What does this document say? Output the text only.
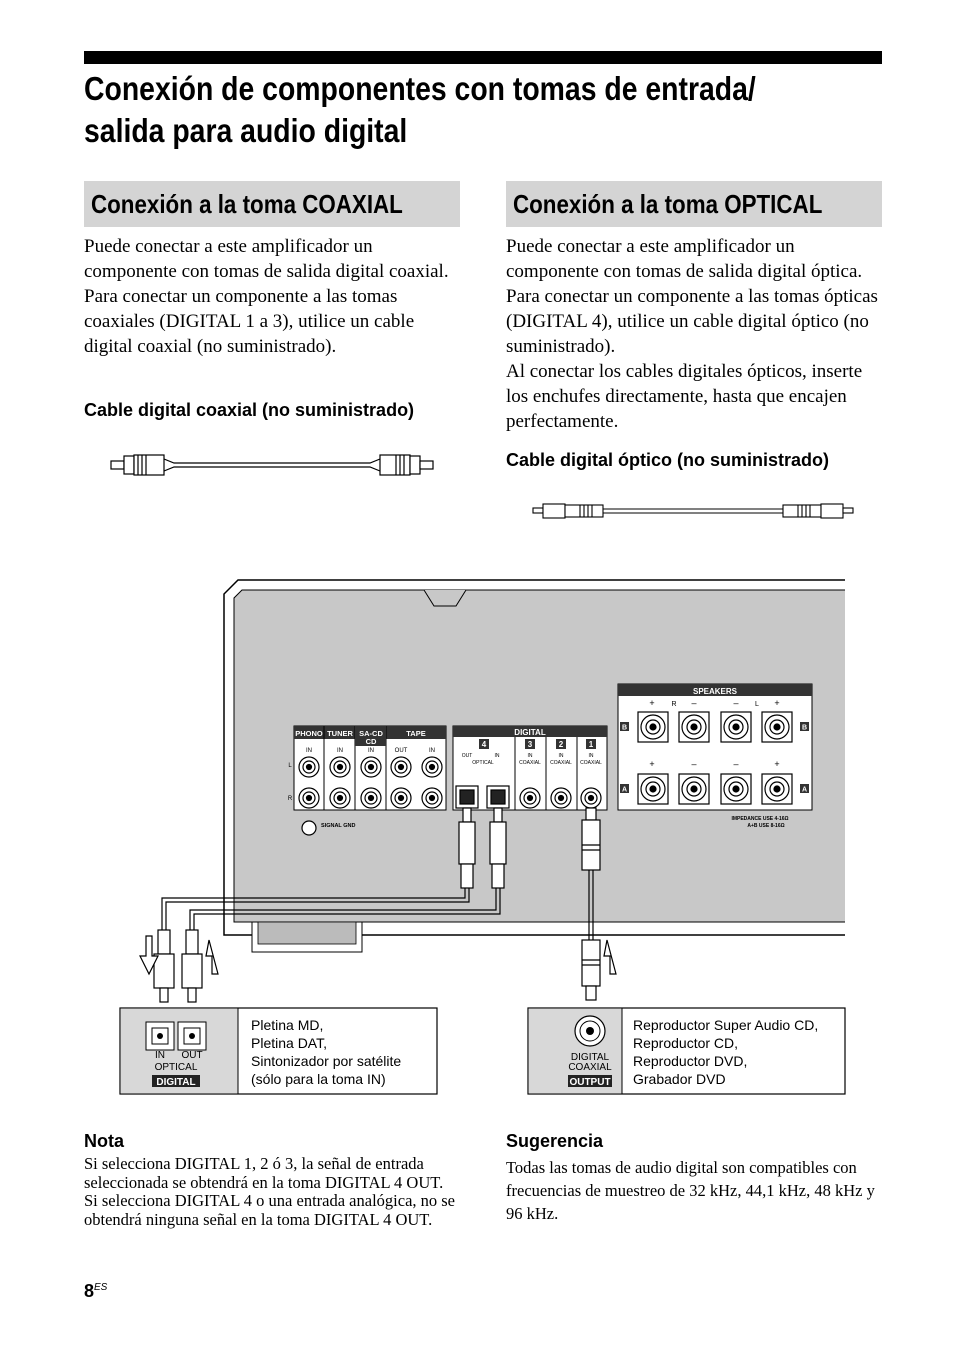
Conexión de componentes con tomas de entrada/
salida para audio digital
Conexión a la toma COAXIAL	Conexión a la toma OPTICAL

Puede conectar a este amplificador un componente con tomas de salida digital coaxial.

Para conectar un componente a las tomas coaxiales (DIGITAL 1 a 3), utilice un cable digital coaxial (no suministrado).

Cable digital coaxial (no suministrado)

Puede conectar a este amplificador un componente con tomas de salida digital óptica.

Para conectar un componente a las tomas ópticas (DIGITAL 4), utilice un cable digital óptico (no suministrado).

Al conectar los cables digitales ópticos, inserte los enchufes directamente, hasta que encajen perfectamente.

Cable digital óptico (no suministrado)
PHONO TUNER SA-CD
CD
TAPE
IN	IN	IN	OUT	IN
L
R
SIGNAL GND
DIGITAL
4	3	2	1
OUT	IN
OPTICAL
IN
COAXIAL
IN
COAXIAL
IN
COAXIAL
SPEAKERS
+ R –	– L +
+	–	–	+
B	B
A	A
IMPEDANCE USE 4-16Ω
A+B USE 8-16Ω
IN OUT
OPTICAL
DIGITAL
DIGITAL
COAXIAL
OUTPUT
Pletina MD,
Pletina DAT,
Sintonizador por satélite
(sólo para la toma IN)
Reproductor Super Audio CD,
Reproductor CD,
Reproductor DVD,
Grabador DVD
Nota
Si selecciona DIGITAL 1, 2 ó 3, la señal de entrada seleccionada se obtendrá en la toma DIGITAL 4 OUT. Si selecciona DIGITAL 4 o una entrada analógica, no se obtendrá ninguna señal en la toma DIGITAL 4 OUT.
Sugerencia
Todas las tomas de audio digital son compatibles con frecuencias de muestreo de 32 kHz, 44,1 kHz, 48 kHz y 96 kHz.
$8^{ES}$
